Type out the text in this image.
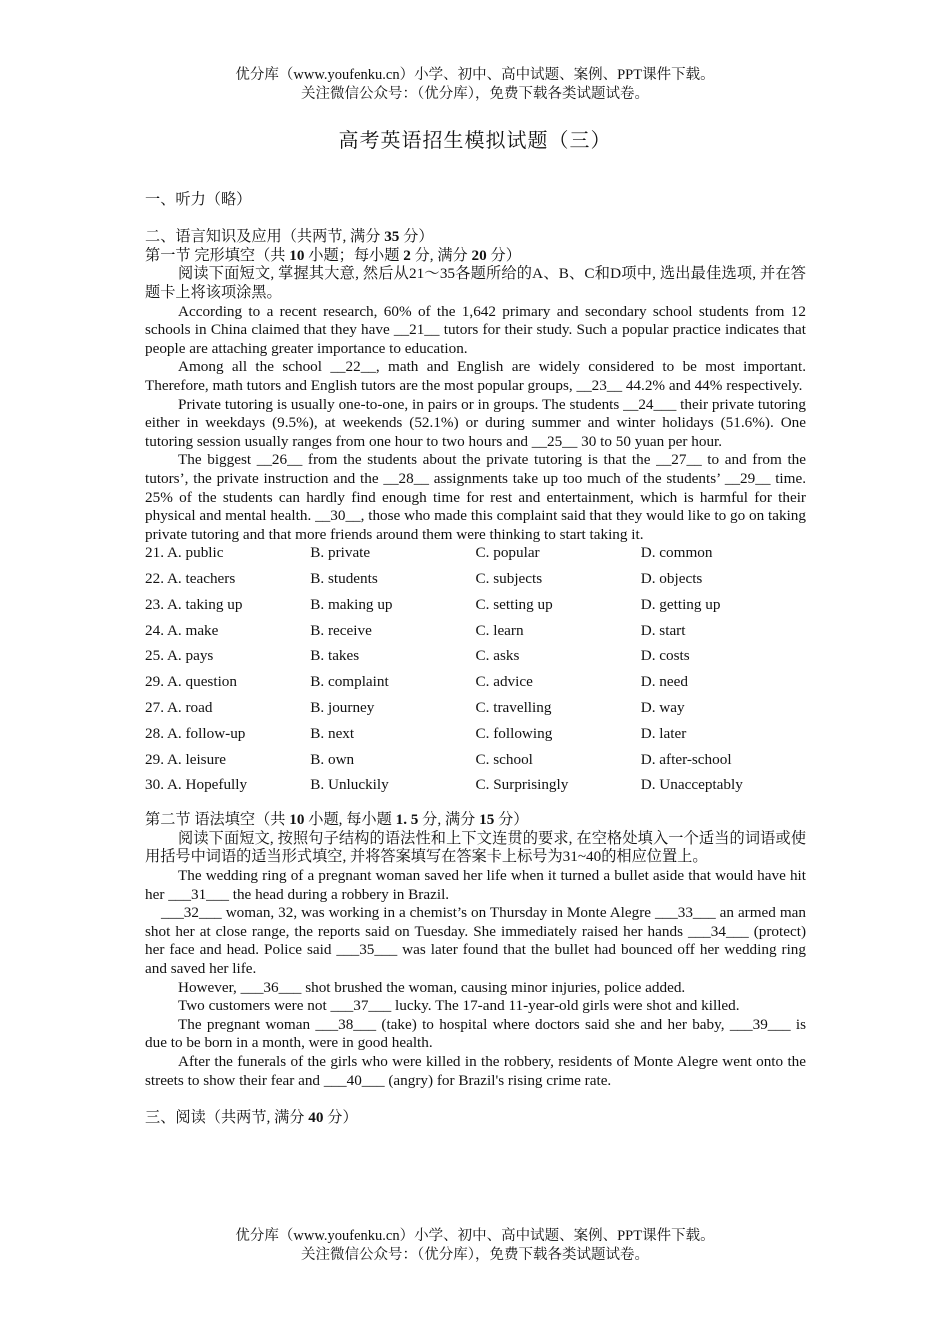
优分库（www.youfenku.cn）小学、初中、高中试题、案例、PPT课件下载。
关注微信公众号：（优分库），免费下载各类试题试卷。
高考英语招生模拟试题（三）

一、听力（略）

二、语言知识及应用（共两节, 满分 35 分）

第一节 完形填空（共 10 小题；每小题 2 分, 满分 20 分）

阅读下面短文, 掌握其大意, 然后从21～35各题所给的A、B、C和D项中, 选出最佳选项, 并在答题卡上将该项涂黑。

According to a recent research, 60% of the 1,642 primary and secondary school students from 12 schools in China claimed that they have __21__ tutors for their study. Such a popular practice indicates that people are attaching greater importance to education.

Among all the school __22__, math and English are widely considered to be most important. Therefore, math tutors and English tutors are the most popular groups, __23__ 44.2% and 44% respectively.

Private tutoring is usually one-to-one, in pairs or in groups. The students __24___ their private tutoring either in weekdays (9.5%), at weekends (52.1%) or during summer and winter holidays (51.6%). One tutoring session usually ranges from one hour to two hours and __25__ 30 to 50 yuan per hour.

The biggest __26__ from the students about the private tutoring is that the __27__ to and from the tutors’, the private instruction and the __28__ assignments take up too much of the students’ __29__ time. 25% of the students can hardly find enough time for rest and entertainment, which is harmful for their physical and mental health. __30__, those who made this complaint said that they would like to go on taking private tutoring and that more friends around them were thinking to start taking it.

21. A. public	B. private	C. popular	D. common
22. A. teachers	B. students	C. subjects	D. objects
23. A. taking up	B. making up	C. setting up	D. getting up
24. A. make	B. receive	C. learn	D. start
25. A. pays	B. takes	C. asks	D. costs
29. A. question	B. complaint	C. advice	D. need
27. A. road	B. journey	C. travelling	D. way
28. A. follow-up	B. next	C. following	D. later
29. A. leisure	B. own	C. school	D. after-school
30. A. Hopefully	B. Unluckily	C. Surprisingly	D. Unacceptably

第二节 语法填空（共 10 小题, 每小题 1. 5 分, 满分 15 分）

阅读下面短文, 按照句子结构的语法性和上下文连贯的要求, 在空格处填入一个适当的词语或使用括号中词语的适当形式填空, 并将答案填写在答案卡上标号为31~40的相应位置上。

The wedding ring of a pregnant woman saved her life when it turned a bullet aside that would have hit her ___31___ the head during a robbery in Brazil.

___32___ woman, 32, was working in a chemist’s on Thursday in Monte Alegre ___33___ an armed man shot her at close range, the reports said on Tuesday. She immediately raised her hands ___34___ (protect) her face and head. Police said ___35___ was later found that the bullet had bounced off her wedding ring and saved her life.

However, ___36___ shot brushed the woman, causing minor injuries, police added.

Two customers were not ___37___ lucky. The 17-and 11-year-old girls were shot and killed.

The pregnant woman ___38___ (take) to hospital where doctors said she and her baby, ___39___ is due to be born in a month, were in good health.

After the funerals of the girls who were killed in the robbery, residents of Monte Alegre went onto the streets to show their fear and ___40___ (angry) for Brazil's rising crime rate.

三、阅读（共两节, 满分 40 分）

优分库（www.youfenku.cn）小学、初中、高中试题、案例、PPT课件下载。
关注微信公众号：（优分库），免费下载各类试题试卷。
